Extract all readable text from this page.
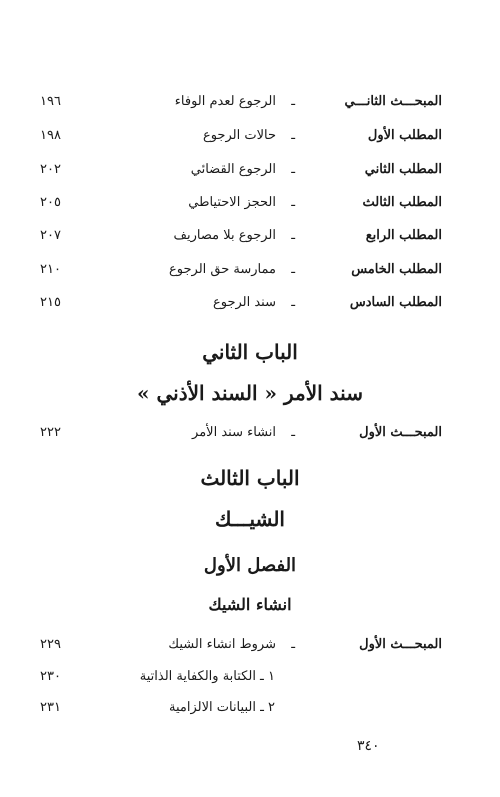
المبحـــث الثانـــي
ـ
الرجوع لعدم الوفاء
١٩٦
المطلب الأول
ـ
حالات الرجوع
١٩٨
المطلب الثاني
ـ
الرجوع القضائي
٢٠٢
المطلب الثالث
ـ
الحجز الاحتياطي
٢٠٥
المطلب الرابع
ـ
الرجوع بلا مصاريف
٢٠٧
المطلب الخامس
ـ
ممارسة حق الرجوع
٢١٠
المطلب السادس
ـ
سند الرجوع
٢١٥
الباب الثاني
سند الأمر « السند الأذني »
المبحـــث الأول
ـ
انشاء سند الأمر
٢٢٢
الباب الثالث
الشيـــك
الفصل الأول
انشاء الشيك
المبحـــث الأول
ـ
شروط انشاء الشيك
٢٢٩
١ ـ الكتابة والكفاية الذاتية
٢٣٠
٢ ـ البيانات الالزامية
٢٣١
٣٤٠
